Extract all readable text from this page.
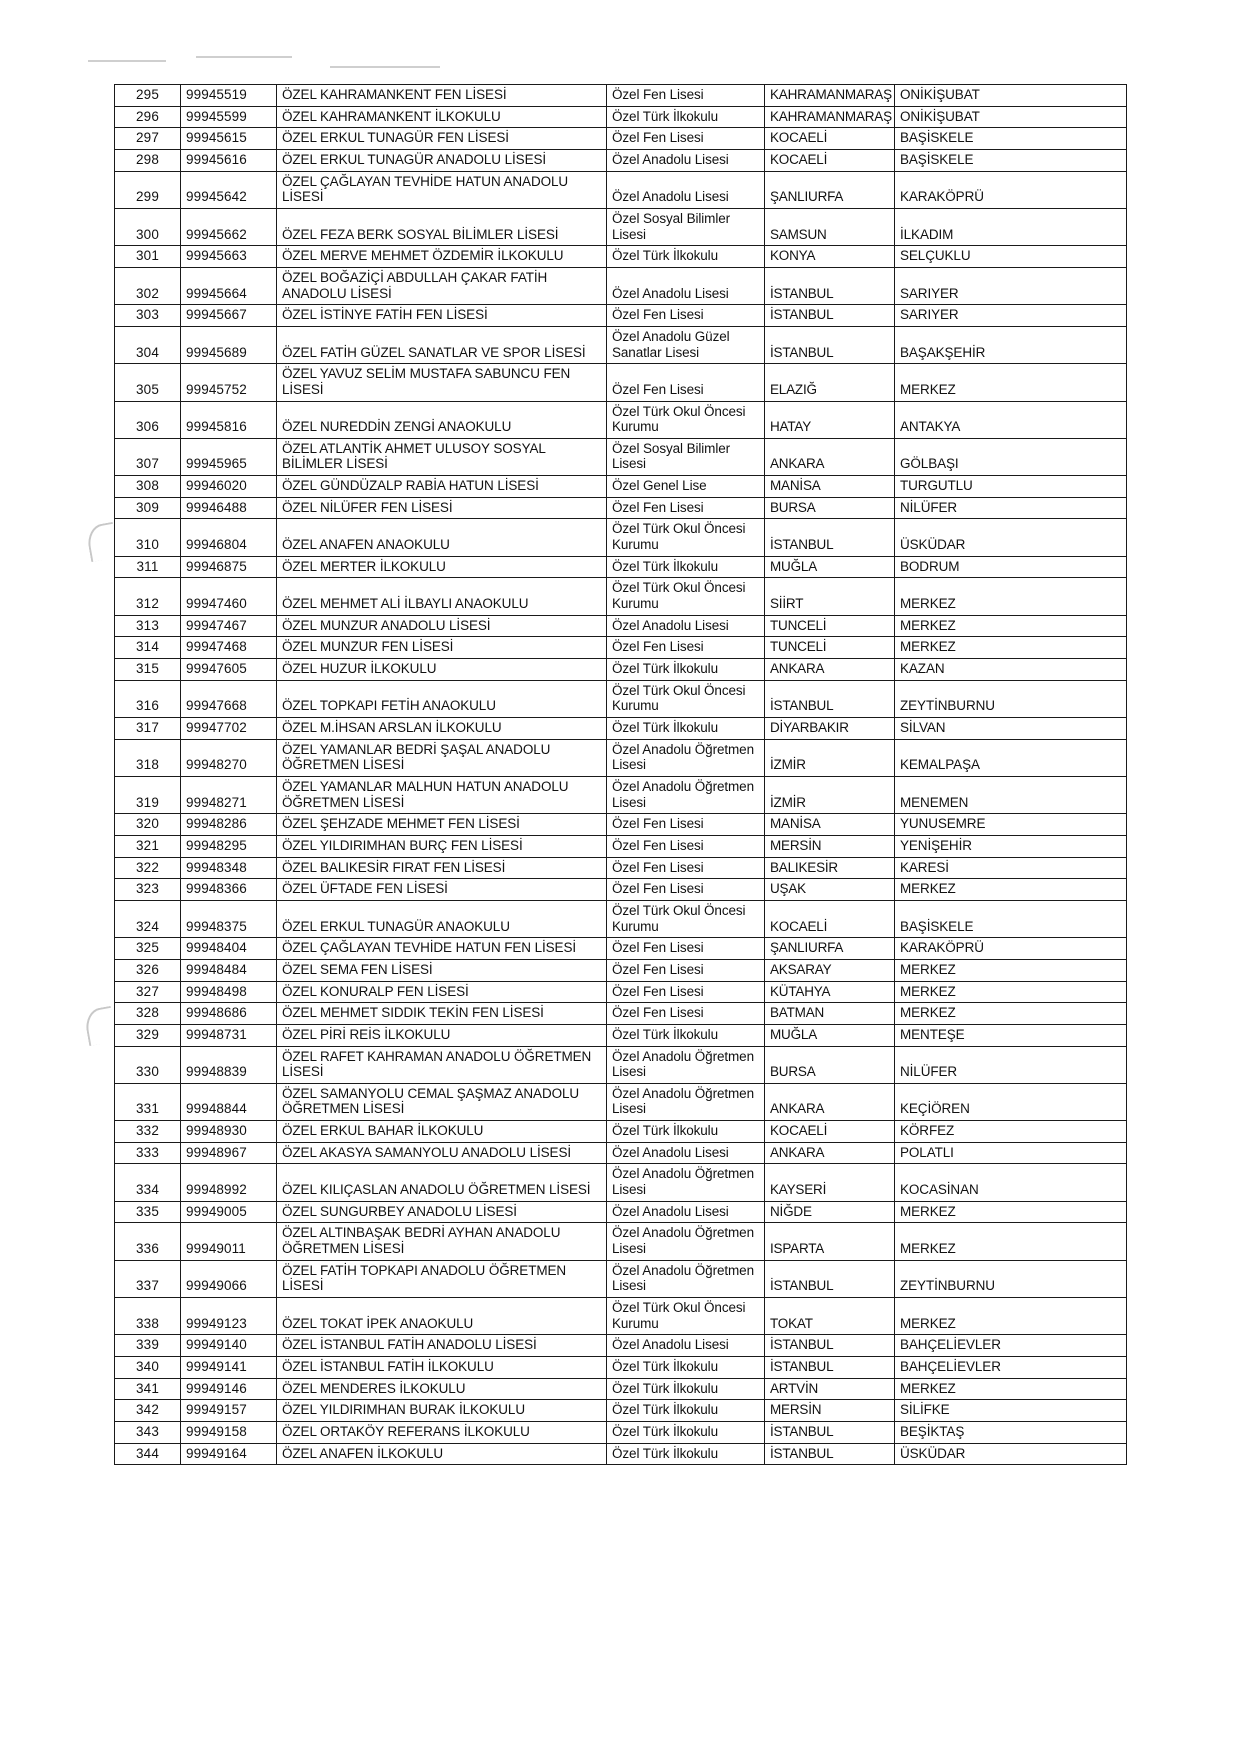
295	99945519	ÖZEL KAHRAMANKENT FEN LİSESİ	Özel Fen Lisesi	KAHRAMANMARAŞ	ONİKİŞUBAT
296	99945599	ÖZEL KAHRAMANKENT İLKOKULU	Özel Türk İlkokulu	KAHRAMANMARAŞ	ONİKİŞUBAT
297	99945615	ÖZEL ERKUL TUNAGÜR FEN LİSESİ	Özel Fen Lisesi	KOCAELİ	BAŞİSKELE
298	99945616	ÖZEL ERKUL TUNAGÜR ANADOLU LİSESİ	Özel Anadolu Lisesi	KOCAELİ	BAŞİSKELE
299	99945642	ÖZEL ÇAĞLAYAN TEVHİDE HATUN ANADOLU LİSESİ	Özel Anadolu Lisesi	ŞANLIURFA	KARAKÖPRÜ
300	99945662	ÖZEL FEZA BERK SOSYAL BİLİMLER LİSESİ	Özel Sosyal Bilimler Lisesi	SAMSUN	İLKADIM
301	99945663	ÖZEL MERVE MEHMET ÖZDEMİR İLKOKULU	Özel Türk İlkokulu	KONYA	SELÇUKLU
302	99945664	ÖZEL BOĞAZİÇİ ABDULLAH ÇAKAR FATİH ANADOLU LİSESİ	Özel Anadolu Lisesi	İSTANBUL	SARIYER
303	99945667	ÖZEL İSTİNYE FATİH FEN LİSESİ	Özel Fen Lisesi	İSTANBUL	SARIYER
304	99945689	ÖZEL FATİH GÜZEL SANATLAR VE SPOR LİSESİ	Özel Anadolu Güzel Sanatlar Lisesi	İSTANBUL	BAŞAKŞEHİR
305	99945752	ÖZEL YAVUZ SELİM MUSTAFA SABUNCU FEN LİSESİ	Özel Fen Lisesi	ELAZIĞ	MERKEZ
306	99945816	ÖZEL NUREDDİN ZENGİ ANAOKULU	Özel Türk Okul Öncesi Kurumu	HATAY	ANTAKYA
307	99945965	ÖZEL ATLANTİK AHMET ULUSOY SOSYAL BİLİMLER LİSESİ	Özel Sosyal Bilimler Lisesi	ANKARA	GÖLBAŞI
308	99946020	ÖZEL GÜNDÜZALP RABİA HATUN LİSESİ	Özel Genel Lise	MANİSA	TURGUTLU
309	99946488	ÖZEL NİLÜFER FEN LİSESİ	Özel Fen Lisesi	BURSA	NİLÜFER
310	99946804	ÖZEL ANAFEN ANAOKULU	Özel Türk Okul Öncesi Kurumu	İSTANBUL	ÜSKÜDAR
311	99946875	ÖZEL MERTER İLKOKULU	Özel Türk İlkokulu	MUĞLA	BODRUM
312	99947460	ÖZEL MEHMET ALİ İLBAYLI ANAOKULU	Özel Türk Okul Öncesi Kurumu	SİİRT	MERKEZ
313	99947467	ÖZEL MUNZUR ANADOLU LİSESİ	Özel Anadolu Lisesi	TUNCELİ	MERKEZ
314	99947468	ÖZEL MUNZUR FEN LİSESİ	Özel Fen Lisesi	TUNCELİ	MERKEZ
315	99947605	ÖZEL HUZUR İLKOKULU	Özel Türk İlkokulu	ANKARA	KAZAN
316	99947668	ÖZEL TOPKAPI FETİH ANAOKULU	Özel Türk Okul Öncesi Kurumu	İSTANBUL	ZEYTİNBURNU
317	99947702	ÖZEL M.İHSAN ARSLAN İLKOKULU	Özel Türk İlkokulu	DİYARBAKIR	SİLVAN
318	99948270	ÖZEL YAMANLAR BEDRİ ŞAŞAL ANADOLU ÖĞRETMEN LİSESİ	Özel Anadolu Öğretmen Lisesi	İZMİR	KEMALPAŞA
319	99948271	ÖZEL YAMANLAR MALHUN HATUN ANADOLU ÖĞRETMEN LİSESİ	Özel Anadolu Öğretmen Lisesi	İZMİR	MENEMEN
320	99948286	ÖZEL ŞEHZADE MEHMET FEN LİSESİ	Özel Fen Lisesi	MANİSA	YUNUSEMRE
321	99948295	ÖZEL YILDIRIMHAN BURÇ FEN LİSESİ	Özel Fen Lisesi	MERSİN	YENİŞEHİR
322	99948348	ÖZEL BALIKESİR FIRAT FEN LİSESİ	Özel Fen Lisesi	BALIKESİR	KARESİ
323	99948366	ÖZEL ÜFTADE FEN LİSESİ	Özel Fen Lisesi	UŞAK	MERKEZ
324	99948375	ÖZEL ERKUL TUNAGÜR ANAOKULU	Özel Türk Okul Öncesi Kurumu	KOCAELİ	BAŞİSKELE
325	99948404	ÖZEL ÇAĞLAYAN TEVHİDE HATUN FEN LİSESİ	Özel Fen Lisesi	ŞANLIURFA	KARAKÖPRÜ
326	99948484	ÖZEL SEMA FEN LİSESİ	Özel Fen Lisesi	AKSARAY	MERKEZ
327	99948498	ÖZEL KONURALP FEN LİSESİ	Özel Fen Lisesi	KÜTAHYA	MERKEZ
328	99948686	ÖZEL MEHMET SIDDIK TEKİN FEN LİSESİ	Özel Fen Lisesi	BATMAN	MERKEZ
329	99948731	ÖZEL PİRİ REİS İLKOKULU	Özel Türk İlkokulu	MUĞLA	MENTEŞE
330	99948839	ÖZEL RAFET KAHRAMAN ANADOLU ÖĞRETMEN LİSESİ	Özel Anadolu Öğretmen Lisesi	BURSA	NİLÜFER
331	99948844	ÖZEL SAMANYOLU CEMAL ŞAŞMAZ ANADOLU ÖĞRETMEN LİSESİ	Özel Anadolu Öğretmen Lisesi	ANKARA	KEÇİÖREN
332	99948930	ÖZEL ERKUL BAHAR İLKOKULU	Özel Türk İlkokulu	KOCAELİ	KÖRFEZ
333	99948967	ÖZEL AKASYA SAMANYOLU ANADOLU LİSESİ	Özel Anadolu Lisesi	ANKARA	POLATLI
334	99948992	ÖZEL KILIÇASLAN ANADOLU ÖĞRETMEN LİSESİ	Özel Anadolu Öğretmen Lisesi	KAYSERİ	KOCASİNAN
335	99949005	ÖZEL SUNGURBEY ANADOLU LİSESİ	Özel Anadolu Lisesi	NİĞDE	MERKEZ
336	99949011	ÖZEL ALTINBAŞAK BEDRİ AYHAN ANADOLU ÖĞRETMEN LİSESİ	Özel Anadolu Öğretmen Lisesi	ISPARTA	MERKEZ
337	99949066	ÖZEL FATİH TOPKAPI ANADOLU ÖĞRETMEN LİSESİ	Özel Anadolu Öğretmen Lisesi	İSTANBUL	ZEYTİNBURNU
338	99949123	ÖZEL TOKAT İPEK ANAOKULU	Özel Türk Okul Öncesi Kurumu	TOKAT	MERKEZ
339	99949140	ÖZEL İSTANBUL FATİH ANADOLU LİSESİ	Özel Anadolu Lisesi	İSTANBUL	BAHÇELİEVLER
340	99949141	ÖZEL İSTANBUL FATİH İLKOKULU	Özel Türk İlkokulu	İSTANBUL	BAHÇELİEVLER
341	99949146	ÖZEL MENDERES İLKOKULU	Özel Türk İlkokulu	ARTVİN	MERKEZ
342	99949157	ÖZEL YILDIRIMHAN BURAK İLKOKULU	Özel Türk İlkokulu	MERSİN	SİLİFKE
343	99949158	ÖZEL ORTAKÖY REFERANS İLKOKULU	Özel Türk İlkokulu	İSTANBUL	BEŞİKTAŞ
344	99949164	ÖZEL ANAFEN İLKOKULU	Özel Türk İlkokulu	İSTANBUL	ÜSKÜDAR
